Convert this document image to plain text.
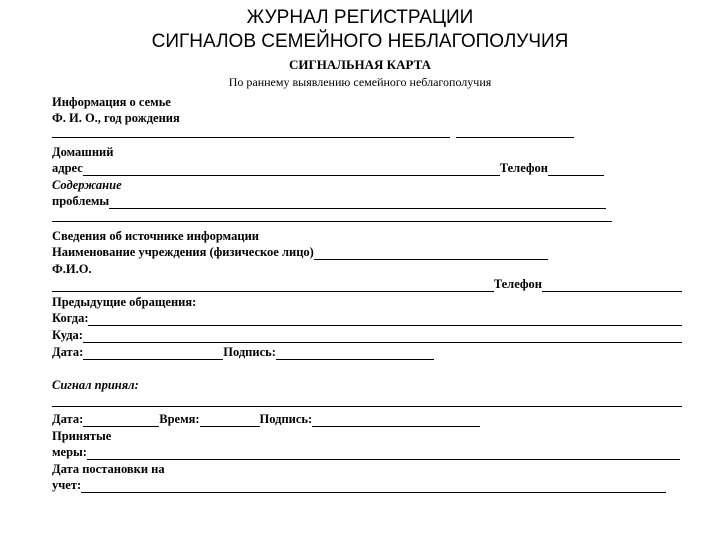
ЖУРНАЛ РЕГИСТРАЦИИ
СИГНАЛОВ СЕМЕЙНОГО НЕБЛАГОПОЛУЧИЯ
СИГНАЛЬНАЯ КАРТА
По раннему выявлению семейного неблагополучия
Информация о семье
Ф. И. О., год рождения
Домашний
адрес	Телефон
Содержание
проблемы
Сведения об источнике информации
Наименование учреждения (физическое лицо)
Ф.И.О.
Телефон
Предыдущие обращения:
Когда:
Куда:
Дата:	Подпись:
Сигнал принял:
Дата:	Время:	Подпись:
Принятые
меры:
Дата постановки на
учет:
